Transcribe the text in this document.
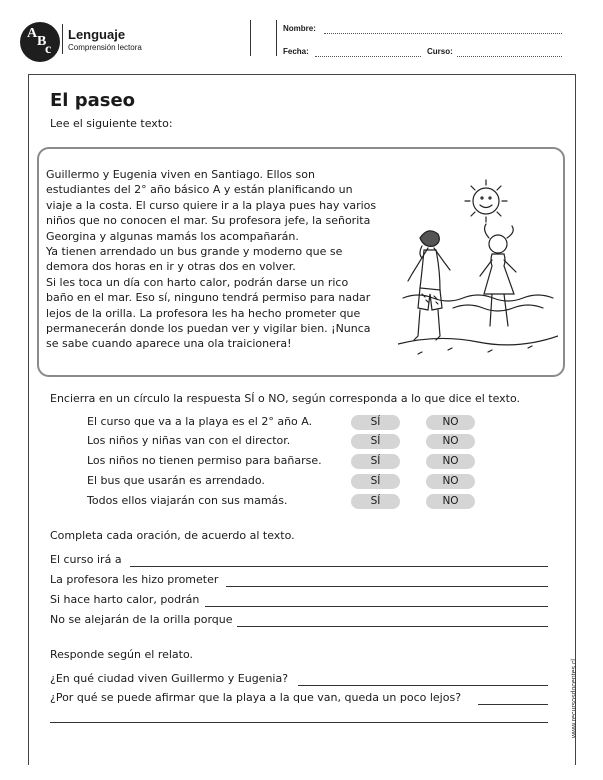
A
B
c
Lenguaje
Comprensión lectora
Nombre:
Fecha:	Curso:
El paseo
Lee el siguiente texto:

Guillermo y Eugenia viven en Santiago. Ellos son

estudiantes del 2° año básico A y están planificando un

viaje a la costa. El curso quiere ir a la playa pues hay varios

niños que no conocen el mar. Su profesora jefe, la señorita

Georgina y algunas mamás los acompañarán.

Ya tienen arrendado un bus grande y moderno que se

demora dos horas en ir y otras dos en volver.

Si les toca un día con harto calor, podrán darse un rico

baño en el mar. Eso sí, ninguno tendrá permiso para nadar

lejos de la orilla. La profesora les ha hecho prometer que

permanecerán donde los puedan ver y vigilar bien. ¡Nunca

se sabe cuando aparece una ola traicionera!

Encierra en un círculo la respuesta SÍ o NO, según corresponda a lo que dice el texto.
El curso que va a la playa es el 2° año A.	SÍ	NO
Los niños y niñas van con el director.	SÍ	NO
Los niños no tienen permiso para bañarse.	SÍ	NO
El bus que usarán es arrendado.	SÍ	NO
Todos ellos viajarán con sus mamás.	SÍ	NO
Completa cada oración, de acuerdo al texto.
El curso irá a
La profesora les hizo prometer
Si hace harto calor, podrán
No se alejarán de la orilla porque
Responde según el relato.
¿En qué ciudad viven Guillermo y Eugenia?
¿Por qué se puede afirmar que la playa a la que van, queda un poco lejos?	www.recursosdocentes.cl
